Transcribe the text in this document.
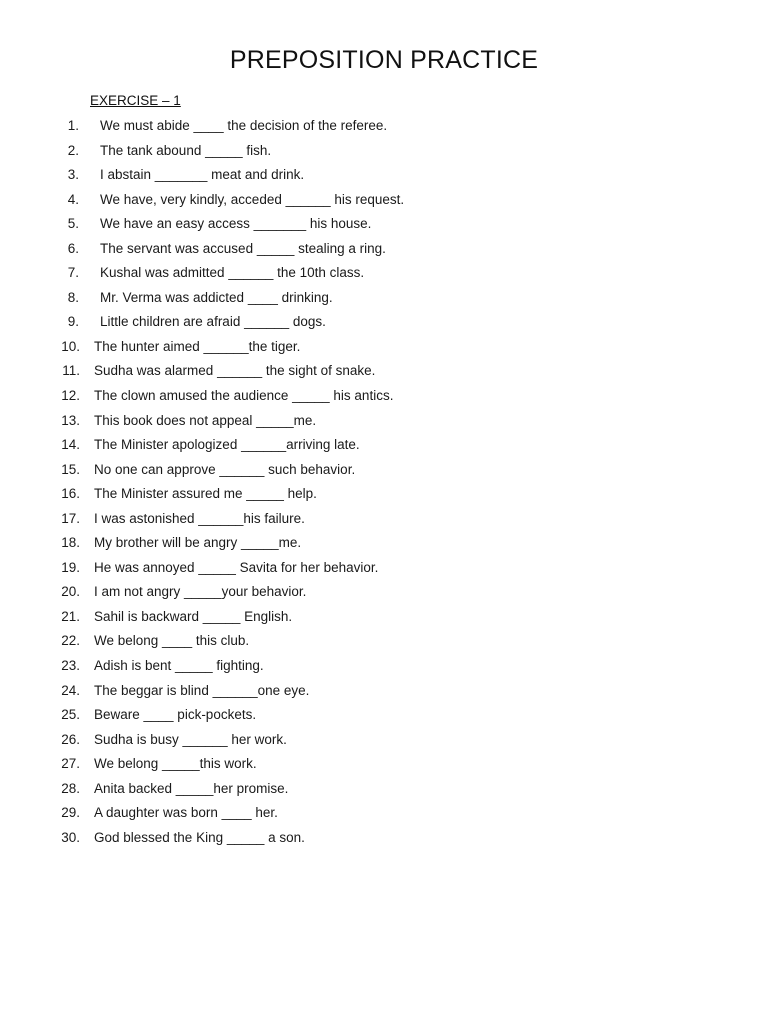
PREPOSITION PRACTICE
EXERCISE – 1
1. We must abide ____ the decision of the referee.
2. The tank abound _____ fish.
3. I abstain _______ meat and drink.
4. We have, very kindly, acceded ______ his request.
5. We have an easy access _______ his house.
6. The servant was accused _____ stealing a ring.
7. Kushal was admitted ______ the 10th class.
8. Mr. Verma was addicted ____ drinking.
9. Little children are afraid ______ dogs.
10. The hunter aimed ______the tiger.
11. Sudha was alarmed ______ the sight of snake.
12. The clown amused the audience _____ his antics.
13. This book does not appeal _____me.
14. The Minister apologized ______arriving late.
15. No one can approve ______ such behavior.
16. The Minister assured me _____ help.
17. I was astonished ______his failure.
18. My brother will be angry _____me.
19. He was annoyed _____ Savita for her behavior.
20. I am not angry _____your behavior.
21. Sahil is backward _____ English.
22. We belong ____ this club.
23. Adish is bent _____ fighting.
24. The beggar is blind ______one eye.
25. Beware ____ pick-pockets.
26. Sudha is busy ______ her work.
27. We belong _____this work.
28. Anita backed _____her promise.
29. A daughter was born ____ her.
30. God blessed the King _____ a son.
